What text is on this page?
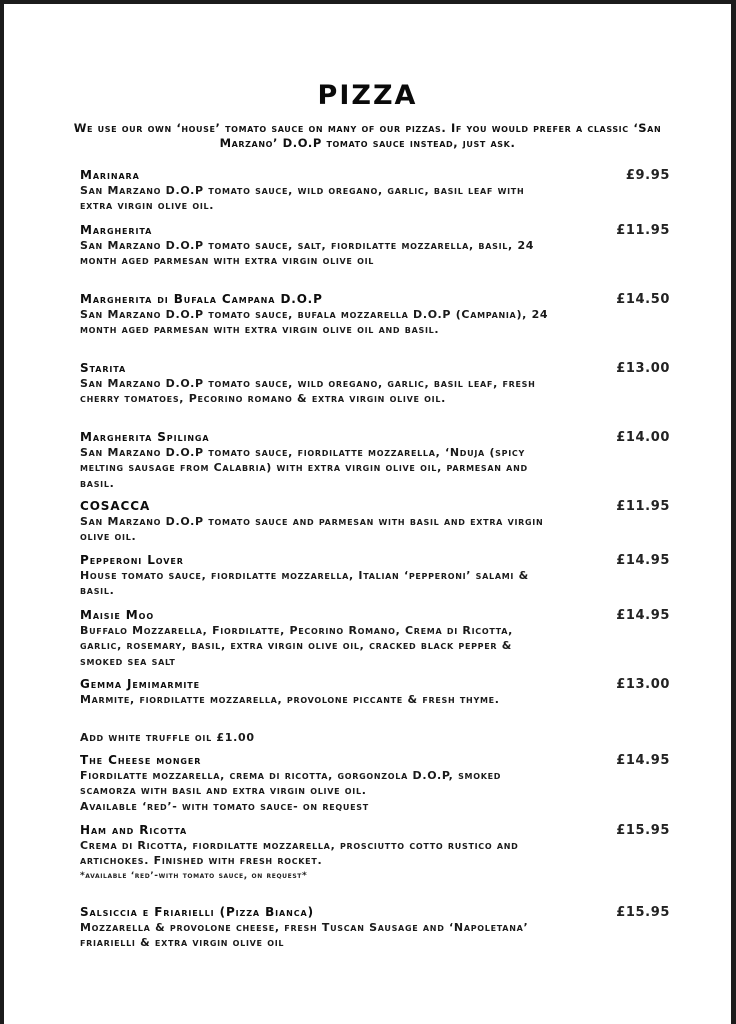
PIZZA
We use our own ‘house’ tomato sauce on many of our pizzas. If you would prefer a classic ‘San Marzano’ D.O.P tomato sauce instead, just ask.
Marinara	£9.95
San Marzano D.O.P tomato sauce, wild oregano, garlic, basil leaf with extra virgin olive oil.
Margherita	£11.95
San Marzano D.O.P tomato sauce, salt, fiordilatte mozzarella, basil, 24 month aged parmesan with extra virgin olive oil
Margherita di Bufala Campana D.O.P	£14.50
San Marzano D.O.P tomato sauce, bufala mozzarella D.O.P (Campania), 24 month aged parmesan with extra virgin olive oil and basil.
Starita	£13.00
San Marzano D.O.P tomato sauce, wild oregano, garlic, basil leaf, fresh cherry tomatoes, Pecorino romano & extra virgin olive oil.
Margherita Spilinga	£14.00
San Marzano D.O.P tomato sauce, fiordilatte mozzarella, ‘Nduja (spicy melting sausage from Calabria) with extra virgin olive oil, parmesan and basil.
COSACCA	£11.95
San Marzano D.O.P tomato sauce and parmesan with basil and extra virgin olive oil.
Pepperoni Lover	£14.95
House tomato sauce, fiordilatte mozzarella, Italian ‘pepperoni’ salami & basil.
Maisie Moo	£14.95
Buffalo Mozzarella, Fiordilatte, Pecorino Romano, Crema di Ricotta, garlic, rosemary, basil, extra virgin olive oil, cracked black pepper & smoked sea salt
Gemma Jemimarmite	£13.00
Marmite, fiordilatte mozzarella, provolone piccante & fresh thyme.
Add white truffle oil £1.00
The Cheese monger	£14.95
Fiordilatte mozzarella, crema di ricotta, gorgonzola D.O.P, smoked scamorza with basil and extra virgin olive oil.
Available ‘red’- with tomato sauce- on request
Ham and Ricotta	£15.95
Crema di Ricotta, fiordilatte mozzarella, prosciutto cotto rustico and artichokes. Finished with fresh rocket.
*available ‘red’-with tomato sauce, on request*
Salsiccia e Friarielli (Pizza Bianca)	£15.95
Mozzarella & provolone cheese, fresh Tuscan Sausage and ‘Napoletana’ friarielli & extra virgin olive oil
